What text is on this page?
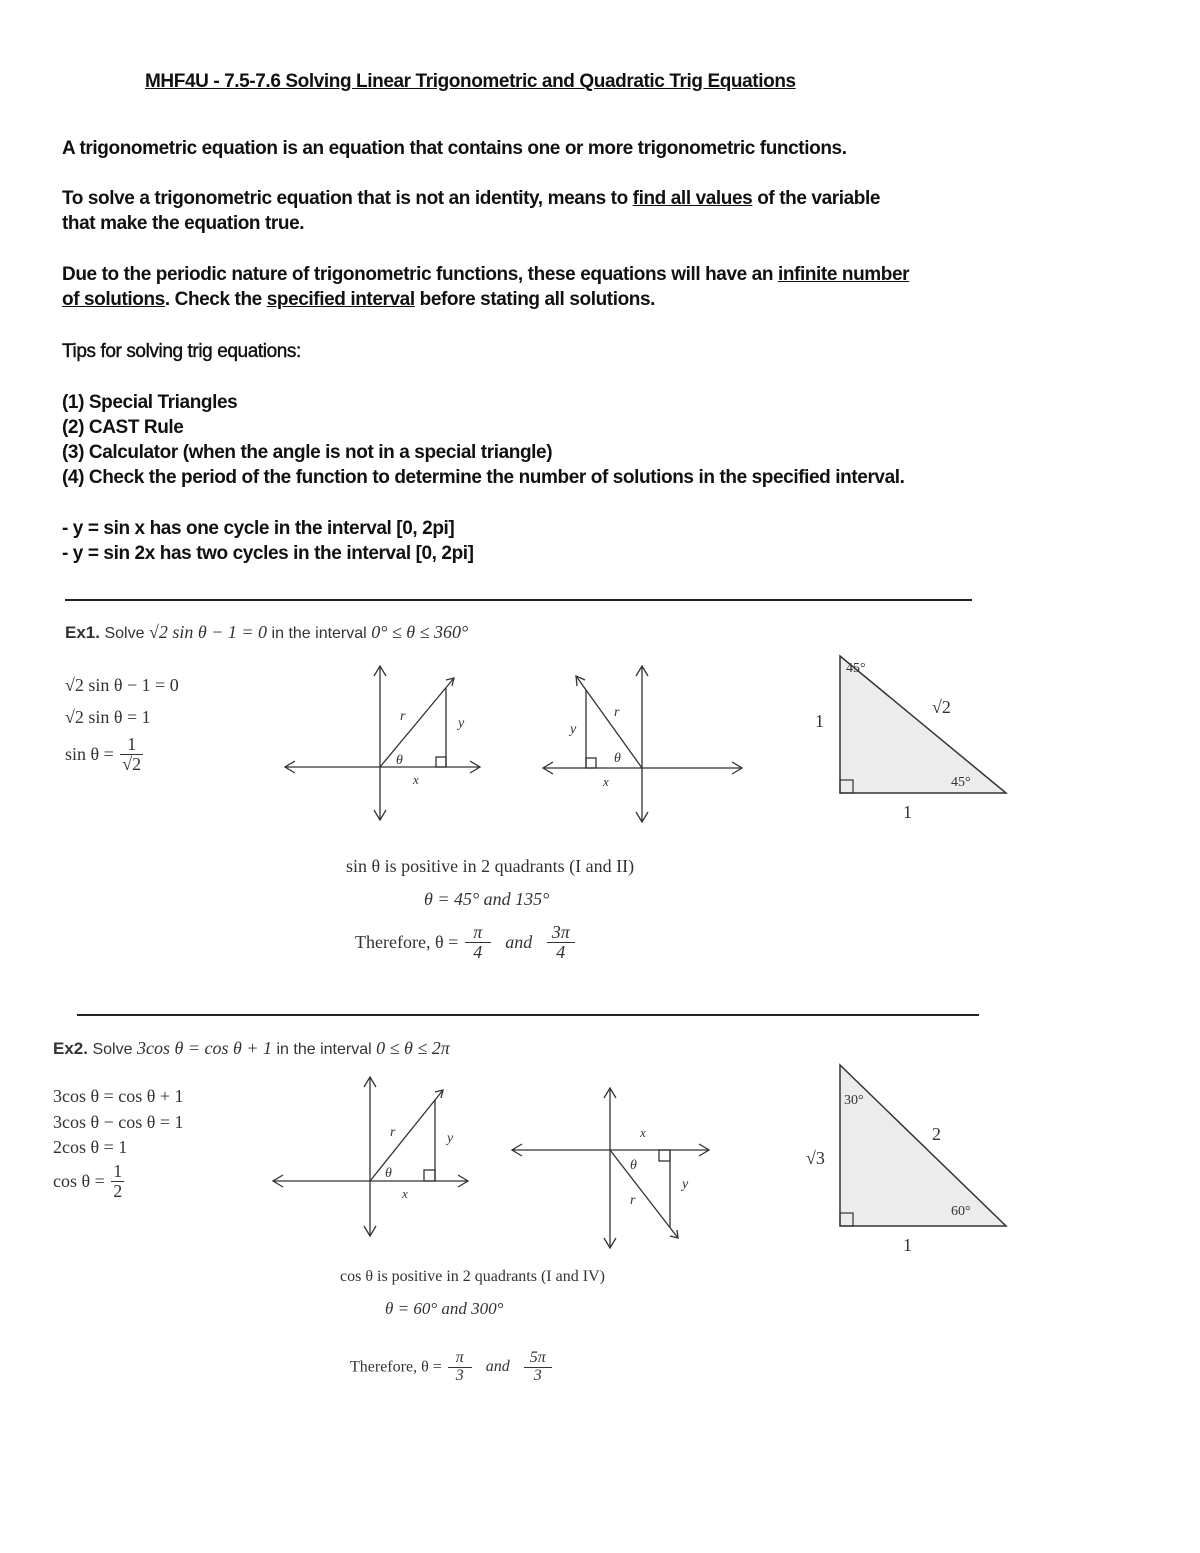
MHF4U - 7.5-7.6 Solving Linear Trigonometric and Quadratic Trig Equations

A trigonometric equation is an equation that contains one or more trigonometric functions.

To solve a trigonometric equation that is not an identity, means to find all values of the variable

that make the equation true.

Due to the periodic nature of trigonometric functions, these equations will have an infinite number

of solutions. Check the specified interval before stating all solutions.

Tips for solving trig equations:

(1) Special Triangles

(2) CAST Rule

(3) Calculator (when the angle is not in a special triangle)

(4) Check the period of the function to determine the number of solutions in the specified interval.

- y = sin x has one cycle in the interval [0, 2pi]

- y = sin 2x has two cycles in the interval [0, 2pi]

Ex1. Solve √2 sin θ − 1 = 0 in the interval 0° ≤ θ ≤ 360°

√2 sin θ − 1 = 0

√2 sin θ = 1

$\sin \theta = \frac{1}{√2}$
r	y
x
θ
r
y
x
θ
45°
45°
1
1
√2

sin θ is positive in 2 quadrants (I and II)

θ = 45° and 135°

Therefore, $\theta = \frac{\pi}{4}$ and $\frac{3\pi}{4}$

Ex2. Solve 3cos θ = cos θ + 1 in the interval 0 ≤ θ ≤ 2π

3cos θ = cos θ + 1

3cos θ − cos θ = 1

2cos θ = 1

$\cos \theta = \frac{1}{2}$
r	y
x
θ
x
θ
y
r
30°
60°
√3
1
2

cos θ is positive in 2 quadrants (I and IV)

θ = 60° and 300°

Therefore, $\theta = \frac{\pi}{3}$ and $\frac{5\pi}{3}$
